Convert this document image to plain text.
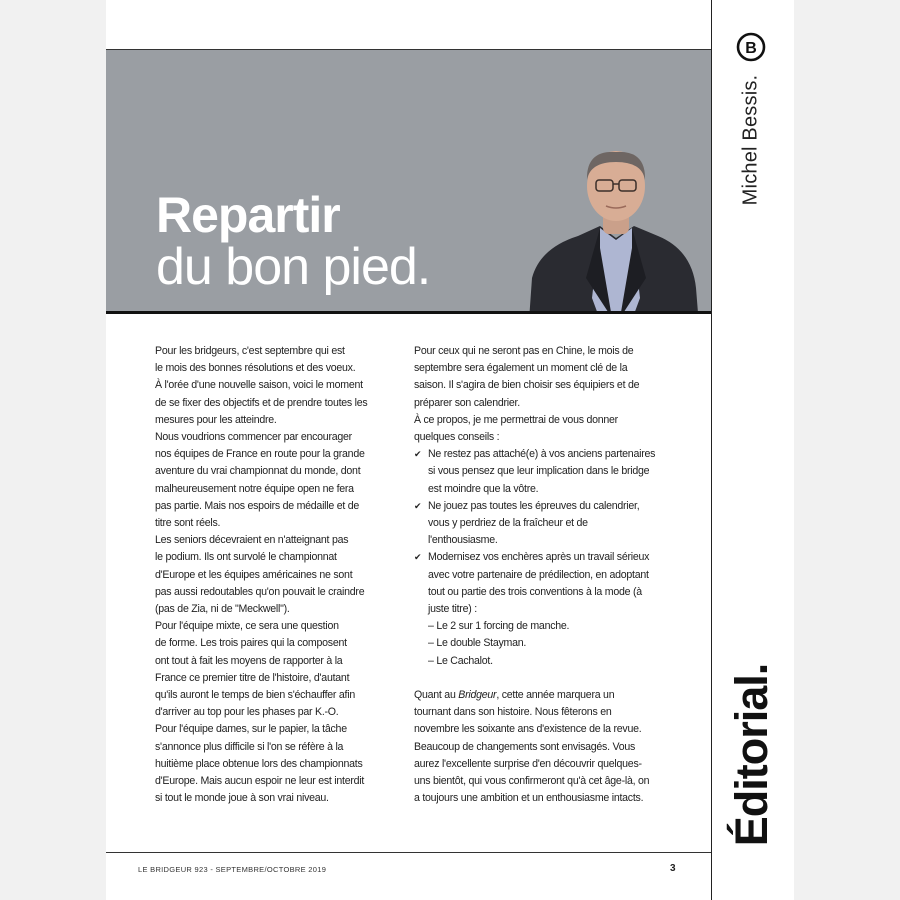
Repartir
du bon pied.

Pour les bridgeurs, c'est septembre qui est

le mois des bonnes résolutions et des voeux.

À l'orée d'une nouvelle saison, voici le moment

de se fixer des objectifs et de prendre toutes les

mesures pour les atteindre.

Nous voudrions commencer par encourager

nos équipes de France en route pour la grande

aventure du vrai championnat du monde, dont

malheureusement notre équipe open ne fera

pas partie. Mais nos espoirs de médaille et de

titre sont réels.

Les seniors décevraient en n'atteignant pas

le podium. Ils ont survolé le championnat

d'Europe et les équipes américaines ne sont

pas aussi redoutables qu'on pouvait le craindre

(pas de Zia, ni de "Meckwell").

Pour l'équipe mixte, ce sera une question

de forme. Les trois paires qui la composent

ont tout à fait les moyens de rapporter à la

France ce premier titre de l'histoire, d'autant

qu'ils auront le temps de bien s'échauffer afin

d'arriver au top pour les phases par K.-O.

Pour l'équipe dames, sur le papier, la tâche

s'annonce plus difficile si l'on se réfère à la

huitième place obtenue lors des championnats

d'Europe. Mais aucun espoir ne leur est interdit

si tout le monde joue à son vrai niveau.

Pour ceux qui ne seront pas en Chine, le mois de

septembre sera également un moment clé de la

saison. Il s'agira de bien choisir ses équipiers et de

préparer son calendrier.

À ce propos, je me permettrai de vous donner

quelques conseils :

✔ Ne restez pas attaché(e) à vos anciens partenaires

si vous pensez que leur implication dans le bridge

est moindre que la vôtre.

✔ Ne jouez pas toutes les épreuves du calendrier,

vous y perdriez de la fraîcheur et de

l'enthousiasme.

✔ Modernisez vos enchères après un travail sérieux

avec votre partenaire de prédilection, en adoptant

tout ou partie des trois conventions à la mode (à

juste titre) :

– Le 2 sur 1 forcing de manche.

– Le double Stayman.

– Le Cachalot.

Quant au Bridgeur, cette année marquera un

tournant dans son histoire. Nous fêterons en

novembre les soixante ans d'existence de la revue.

Beaucoup de changements sont envisagés. Vous

aurez l'excellente surprise d'en découvrir quelques-

uns bientôt, qui vous confirmeront qu'à cet âge-là, on

a toujours une ambition et un enthousiasme intacts.

LE BRIDGEUR 923 - SEPTEMBRE/OCTOBRE 2019	3
B
Michel Bessis.
Éditorial.
